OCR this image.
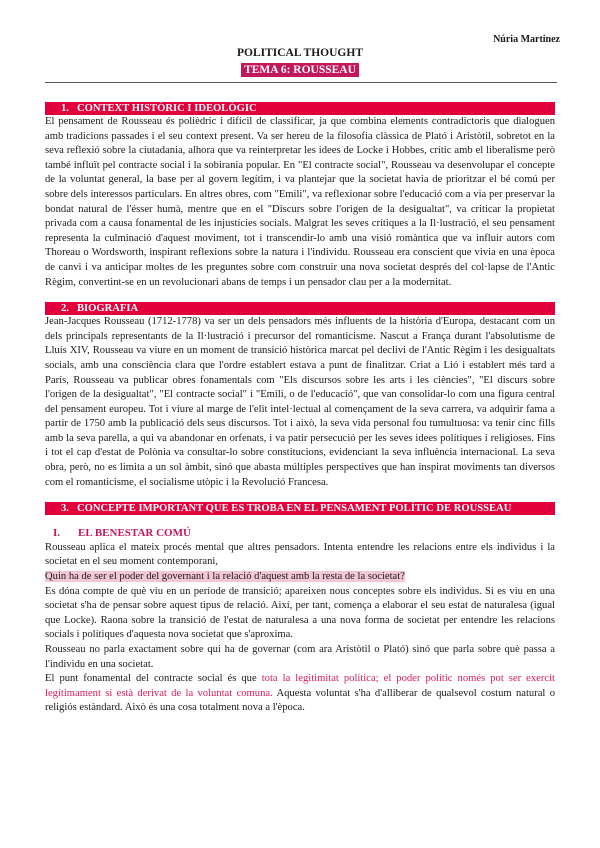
Núria Martinez
POLITICAL THOUGHT
TEMA 6: ROUSSEAU
1. CONTEXT HISTÒRIC I IDEOLÒGIC

El pensament de Rousseau és polièdric i difícil de classificar, ja que combina elements contradictoris que dialoguen amb tradicions passades i el seu context present. Va ser hereu de la filosofia clàssica de Plató i Aristòtil, sobretot en la seva reflexió sobre la ciutadania, alhora que va reinterpretar les idees de Locke i Hobbes, crític amb el liberalisme però també influït pel contracte social i la sobirania popular. En "El contracte social", Rousseau va desenvolupar el concepte de la voluntat general, la base per al govern legítim, i va plantejar que la societat havia de prioritzar el bé comú per sobre dels interessos particulars. En altres obres, com "Emili", va reflexionar sobre l'educació com a via per preservar la bondat natural de l'ésser humà, mentre que en el "Discurs sobre l'origen de la desigualtat", va criticar la propietat privada com a causa fonamental de les injustícies socials. Malgrat les seves crítiques a la Il·lustració, el seu pensament representa la culminació d'aquest moviment, tot i transcendir-lo amb una visió romàntica que va influir autors com Thoreau o Wordsworth, inspirant reflexions sobre la natura i l'individu. Rousseau era conscient que vivia en una època de canvi i va anticipar moltes de les preguntes sobre com construir una nova societat després del col·lapse de l'Antic Règim, convertint-se en un revolucionari abans de temps i un pensador clau per a la modernitat.

2. BIOGRAFIA

Jean-Jacques Rousseau (1712-1778) va ser un dels pensadors més influents de la història d'Europa, destacant com un dels principals representants de la Il·lustració i precursor del romanticisme. Nascut a França durant l'absolutisme de Lluís XIV, Rousseau va viure en un moment de transició històrica marcat pel declivi de l'Antic Règim i les desigualtats socials, amb una consciència clara que l'ordre establert estava a punt de finalitzar. Criat a Lió i establert més tard a París, Rousseau va publicar obres fonamentals com "Els discursos sobre les arts i les ciències", "El discurs sobre l'origen de la desigualtat", "El contracte social" i "Emili, o de l'educació", que van consolidar-lo com una figura central del pensament europeu. Tot i viure al marge de l'elit intel·lectual al començament de la seva carrera, va adquirir fama a partir de 1750 amb la publicació dels seus discursos. Tot i això, la seva vida personal fou tumultuosa: va tenir cinc fills amb la seva parella, a qui va abandonar en orfenats, i va patir persecució per les seves idees polítiques i religioses. Fins i tot el cap d'estat de Polònia va consultar-lo sobre constitucions, evidenciant la seva influència internacional. La seva obra, però, no es limita a un sol àmbit, sinó que abasta múltiples perspectives que han inspirat moviments tan diversos com el romanticisme, el socialisme utòpic i la Revolució Francesa.

3. CONCEPTE IMPORTANT QUE ES TROBA EN EL PENSAMENT POLÍTIC DE ROUSSEAU
I. EL BENESTAR COMÚ

Rousseau aplica el mateix procés mental que altres pensadors. Intenta entendre les relacions entre els individus i la societat en el seu moment contemporani,

Quin ha de ser el poder del governant i la relació d'aquest amb la resta de la societat?

Es dóna compte de què viu en un període de transició; apareixen nous conceptes sobre els individus. Si es viu en una societat s'ha de pensar sobre aquest tipus de relació. Així, per tant, comença a elaborar el seu estat de naturalesa (igual que Locke). Raona sobre la transició de l'estat de naturalesa a una nova forma de societat per entendre les relacions socials i polítiques d'aquesta nova societat que s'aproxima.

Rousseau no parla exactament sobre qui ha de governar (com ara Aristòtil o Plató) sinó que parla sobre què passa a l'individu en una societat.

El punt fonamental del contracte social és que tota la legitimitat política; el poder polític només pot ser exercit legítimament si està derivat de la voluntat comuna. Aquesta voluntat s'ha d'alliberar de qualsevol costum natural o religiós estàndard. Això és una cosa totalment nova a l'època.
